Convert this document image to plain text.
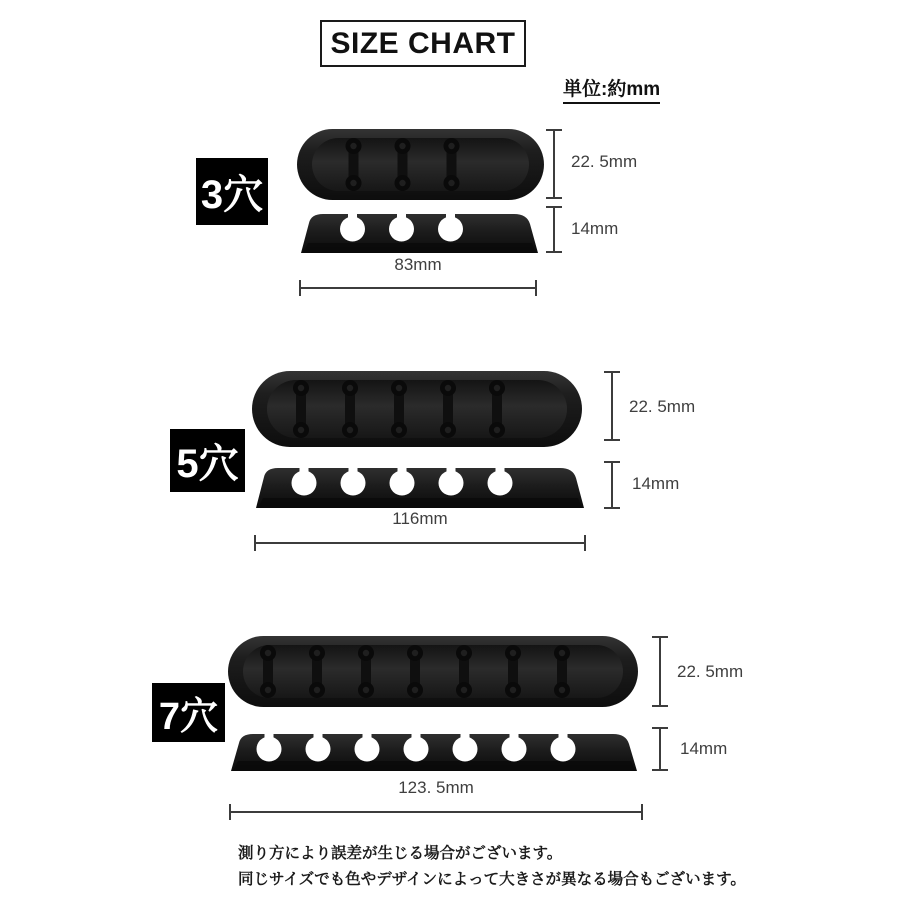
SIZE CHART
単位:約mm
3穴
22. 5mm
14mm
83mm
5穴
22. 5mm
14mm
116mm
7穴
22. 5mm
14mm
123. 5mm
測り方により誤差が生じる場合がございます。
同じサイズでも色やデザインによって大きさが異なる場合もございます。
